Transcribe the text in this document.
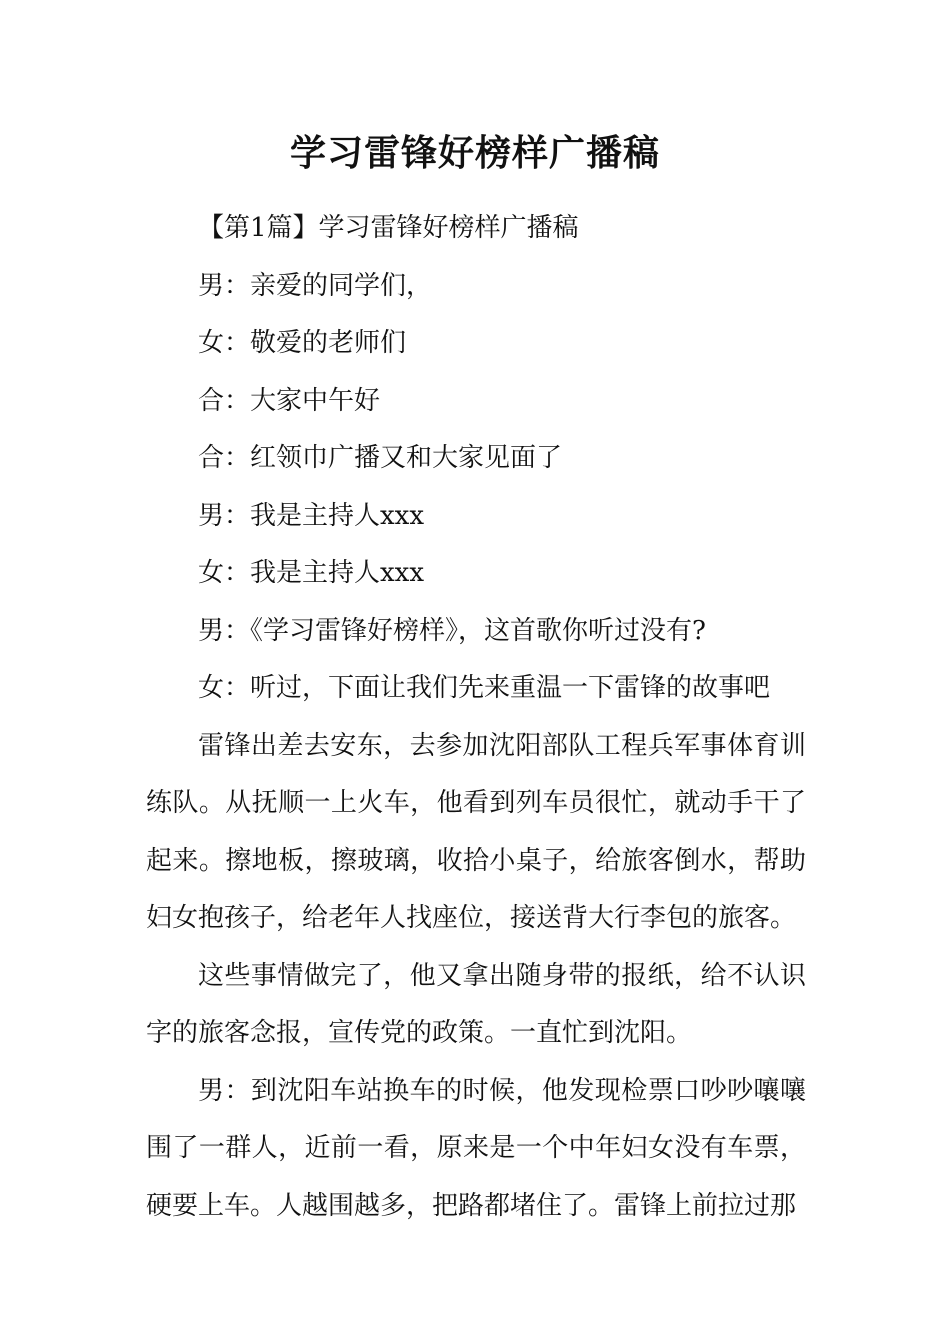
学习雷锋好榜样广播稿

【第1篇】学习雷锋好榜样广播稿

男：亲爱的同学们，

女：敬爱的老师们

合：大家中午好

合：红领巾广播又和大家见面了

男：我是主持人xxx

女：我是主持人xxx

男：《学习雷锋好榜样》，这首歌你听过没有?

女：听过，下面让我们先来重温一下雷锋的故事吧

雷锋出差去安东，去参加沈阳部队工程兵军事体育训练队。从抚顺一上火车，他看到列车员很忙，就动手干了起来。擦地板，擦玻璃，收拾小桌子，给旅客倒水，帮助妇女抱孩子，给老年人找座位，接送背大行李包的旅客。

这些事情做完了，他又拿出随身带的报纸，给不认识字的旅客念报，宣传党的政策。一直忙到沈阳。

男：到沈阳车站换车的时候，他发现检票口吵吵嚷嚷围了一群人，近前一看，原来是一个中年妇女没有车票，硬要上车。人越围越多，把路都堵住了。雷锋上前拉过那
